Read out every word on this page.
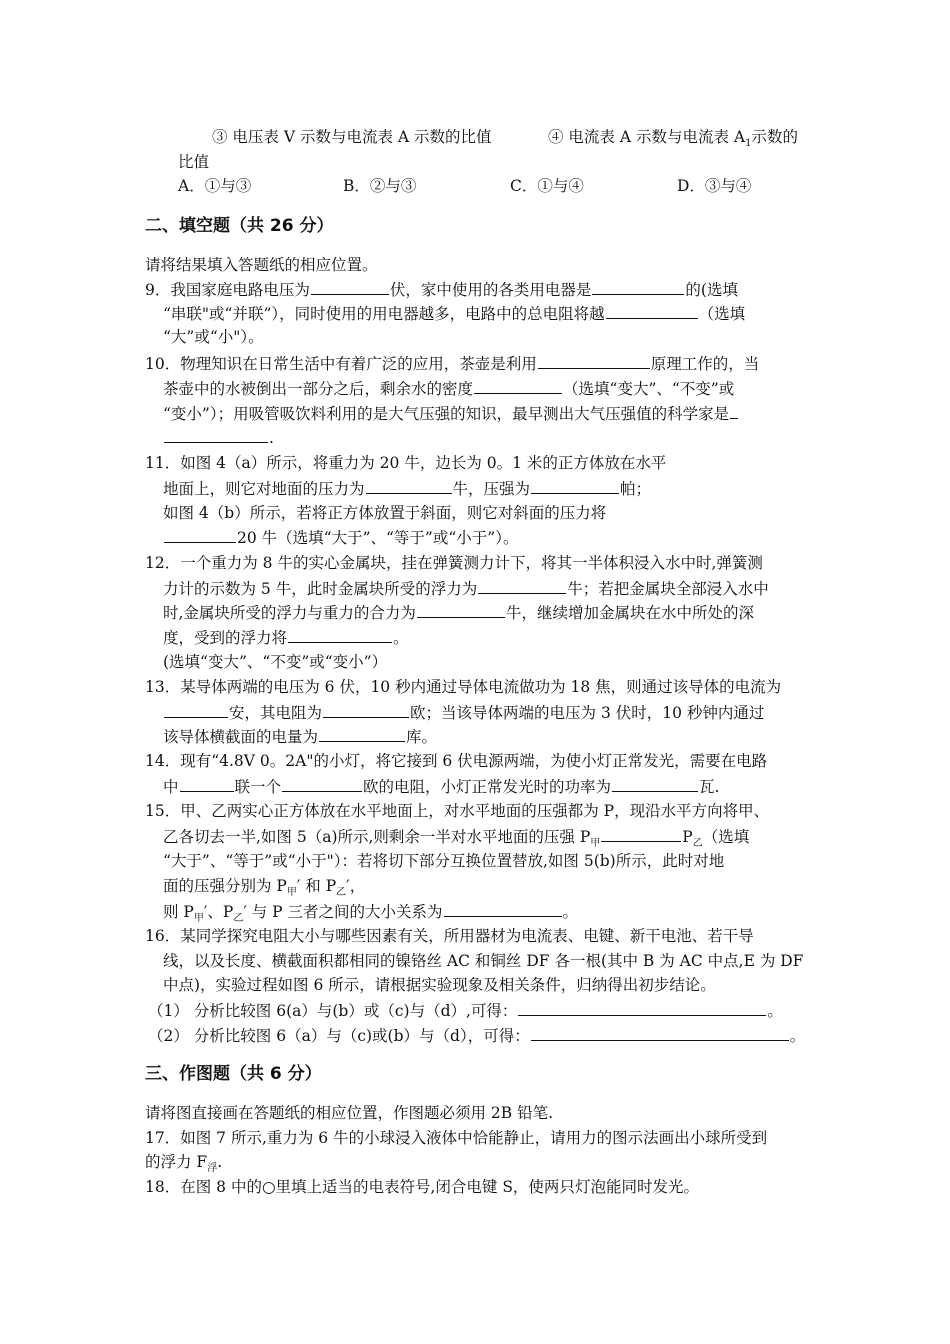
③ 电压表 V 示数与电流表 A 示数的比值	④ 电流表 A 示数与电流表 $A_1$示数的
比值
A．①与③	B．②与③	C．①与④	D．③与④
二、填空题（共 26 分）
请将结果填入答题纸的相应位置。
9．我国家庭电路电压为	伏，家中使用的各类用电器是	的(选填
“串联"或“并联”），同时使用的用电器越多，电路中的总电阻将越	（选填
“大”或“小"）。
10．物理知识在日常生活中有着广泛的应用，茶壶是利用	原理工作的，当
茶壶中的水被倒出一部分之后，剩余水的密度	（选填“变大”、“不变”或
“变小”）；用吸管吸饮料利用的是大气压强的知识，最早测出大气压强值的科学家是
.
11．如图 4（a）所示，将重力为 20 牛，边长为 0。1 米的正方体放在水平
地面上，则它对地面的压力为	牛，压强为	帕；
如图 4（b）所示，若将正方体放置于斜面，则它对斜面的压力将
20 牛（选填“大于”、“等于”或“小于”）。
12．一个重力为 8 牛的实心金属块，挂在弹簧测力计下，将其一半体积浸入水中时,弹簧测
力计的示数为 5 牛，此时金属块所受的浮力为	牛；若把金属块全部浸入水中
时,金属块所受的浮力与重力的合力为	牛，继续增加金属块在水中所处的深
度，受到的浮力将	。
(选填“变大”、“不变”或“变小”）
13．某导体两端的电压为 6 伏，10 秒内通过导体电流做功为 18 焦，则通过该导体的电流为
安，其电阻为	欧；当该导体两端的电压为 3 伏时，10 秒钟内通过
该导体横截面的电量为	库。
14．现有“4.8V 0。2A"的小灯，将它接到 6 伏电源两端，为使小灯正常发光，需要在电路
中	联一个	欧的电阻，小灯正常发光时的功率为	瓦.
15．甲、乙两实心正方体放在水平地面上，对水平地面的压强都为 P，现沿水平方向将甲、
乙各切去一半,如图 5（a)所示,则剩余一半对水平地面的压强 $P_甲$	$P_乙$（选填
“大于”、“等于”或“小于"）：若将切下部分互换位置替放,如图 5(b)所示，此时对地
面的压强分别为 $P_甲'$ 和 $P_乙'$，
则 $P_甲'$、$P_乙'$ 与 P 三者之间的大小关系为	。
16．某同学探究电阻大小与哪些因素有关，所用器材为电流表、电键、新干电池、若干导
线，以及长度、横截面积都相同的镍铬丝 AC 和铜丝 DF 各一根(其中 B 为 AC 中点,E 为 DF
中点)，实验过程如图 6 所示，请根据实验现象及相关条件，归纳得出初步结论。
（1） 分析比较图 6(a）与(b）或（c)与（d）,可得：	。
（2） 分析比较图 6（a）与（c)或(b）与（d），可得：	。
三、作图题（共 6 分）
请将图直接画在答题纸的相应位置，作图题必须用 2B 铅笔.
17．如图 7 所示,重力为 6 牛的小球浸入液体中恰能静止，请用力的图示法画出小球所受到
的浮力 $F_浮$.
18．在图 8 中的○里填上适当的电表符号,闭合电键 S，使两只灯泡能同时发光。
